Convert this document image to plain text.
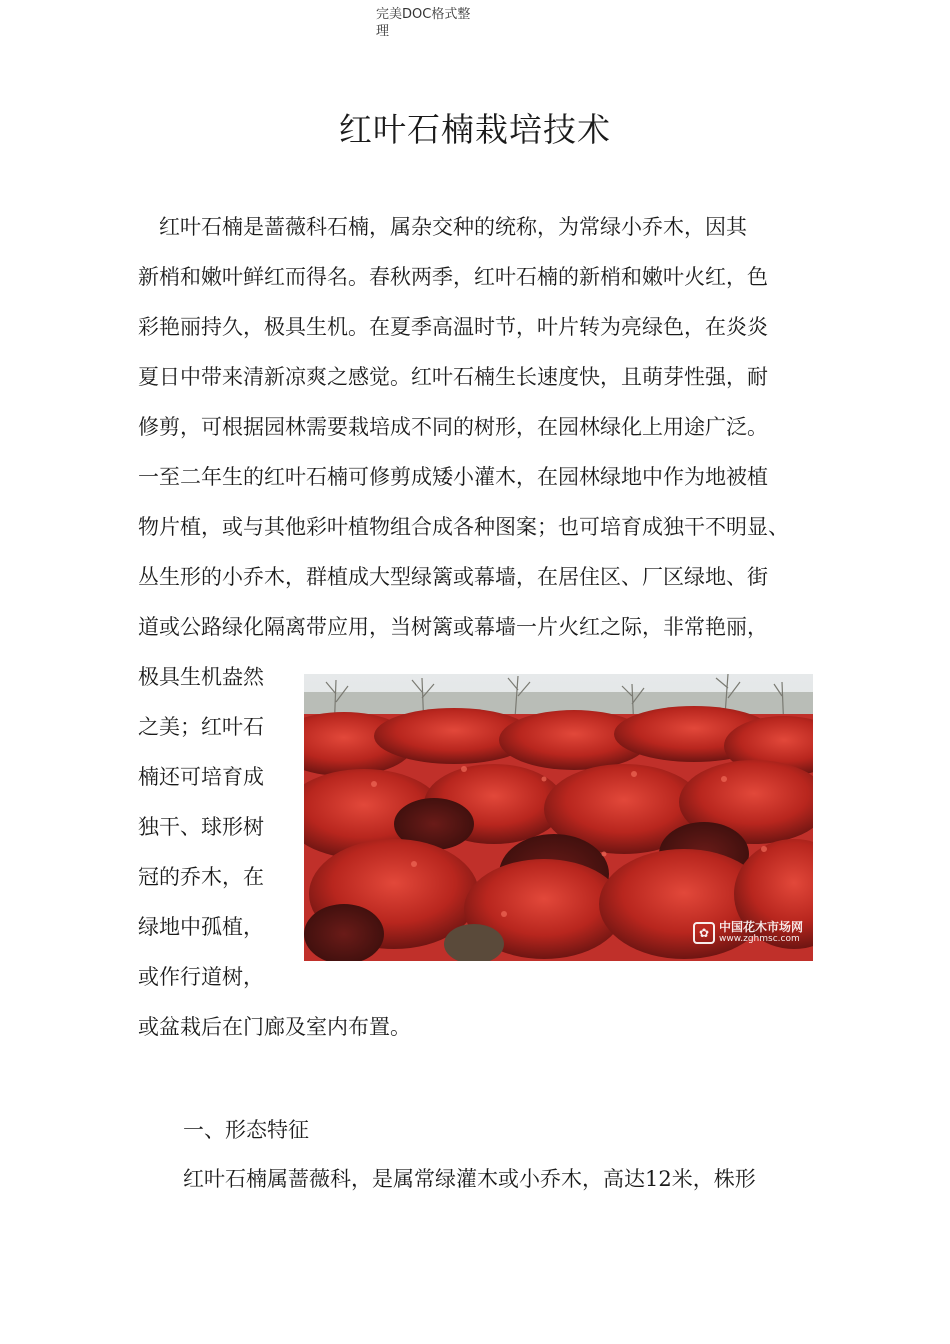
完美DOC格式整
理
红叶石楠栽培技术
　红叶石楠是蔷薇科石楠，属杂交种的统称，为常绿小乔木，因其
新梢和嫩叶鲜红而得名。春秋两季，红叶石楠的新梢和嫩叶火红，色
彩艳丽持久，极具生机。在夏季高温时节，叶片转为亮绿色，在炎炎
夏日中带来清新凉爽之感觉。红叶石楠生长速度快，且萌芽性强，耐
修剪，可根据园林需要栽培成不同的树形，在园林绿化上用途广泛。
一至二年生的红叶石楠可修剪成矮小灌木，在园林绿地中作为地被植
物片植，或与其他彩叶植物组合成各种图案；也可培育成独干不明显、
丛生形的小乔木，群植成大型绿篱或幕墙，在居住区、厂区绿地、街
道或公路绿化隔离带应用，当树篱或幕墙一片火红之际，非常艳丽，
极具生机盎然
之美；红叶石
楠还可培育成
独干、球形树
冠的乔木，在
绿地中孤植，
或作行道树，
或盆栽后在门廊及室内布置。
✿ 中国花木市场网
www.zghmsc.com
一、形态特征
红叶石楠属蔷薇科，是属常绿灌木或小乔木，高达12米，株形
